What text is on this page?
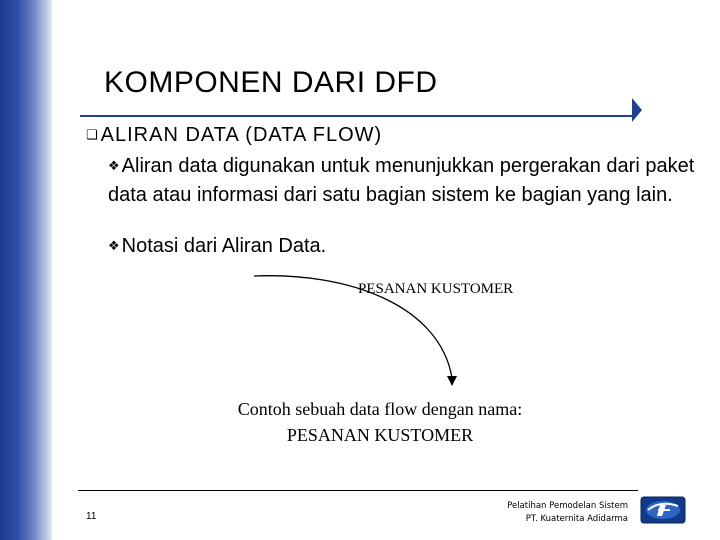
KOMPONEN DARI DFD
❏ ALIRAN DATA (DATA FLOW)
❖ Aliran data digunakan untuk menunjukkan pergerakan dari paket data atau informasi dari satu bagian sistem ke bagian yang lain.
❖ Notasi dari Aliran Data.
PESANAN KUSTOMER
Contoh sebuah data flow dengan nama:
PESANAN KUSTOMER
11
Pelatihan Pemodelan Sistem
PT. Kuaternita Adidarma
